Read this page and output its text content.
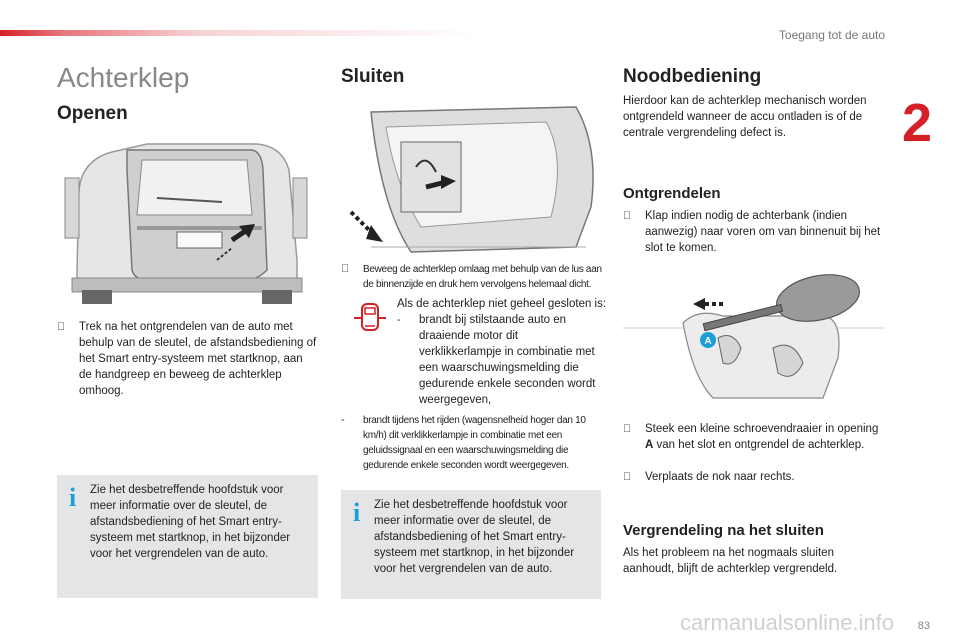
Toegang tot de auto
2
Achterklep
Openen
Trek na het ontgrendelen van de auto met behulp van de sleutel, de afstandsbediening of het Smart entry-systeem met startknop, aan de handgreep en beweeg de achterklep omhoog.
i Zie het desbetreffende hoofdstuk voor meer informatie over de sleutel, de afstandsbediening of het Smart entry-systeem met startknop, in het bijzonder voor het vergrendelen van de auto.
Sluiten
Beweeg de achterklep omlaag met behulp van de lus aan de binnenzijde en druk hem vervolgens helemaal dicht.
Als de achterklep niet geheel gesloten is:
-	brandt bij stilstaande auto en draaiende motor dit verklikkerlampje in combinatie met een waarschuwingsmelding die gedurende enkele seconden wordt weergegeven,
-	brandt tijdens het rijden (wagensnelheid hoger dan 10 km/h) dit verklikkerlampje in combinatie met een geluidssignaal en een waarschuwingsmelding die gedurende enkele seconden wordt weergegeven.
i Zie het desbetreffende hoofdstuk voor meer informatie over de sleutel, de afstandsbediening of het Smart entry-systeem met startknop, in het bijzonder voor het vergrendelen van de auto.
Noodbediening
Hierdoor kan de achterklep mechanisch worden ontgrendeld wanneer de accu ontladen is of de centrale vergrendeling defect is.
Ontgrendelen
Klap indien nodig de achterbank (indien aanwezig) naar voren om van binnenuit bij het slot te komen.
A
Steek een kleine schroevendraaier in opening A van het slot en ontgrendel de achterklep.
Verplaats de nok naar rechts.
Vergrendeling na het sluiten
Als het probleem na het nogmaals sluiten aanhoudt, blijft de achterklep vergrendeld.
carmanualsonline.info 83
